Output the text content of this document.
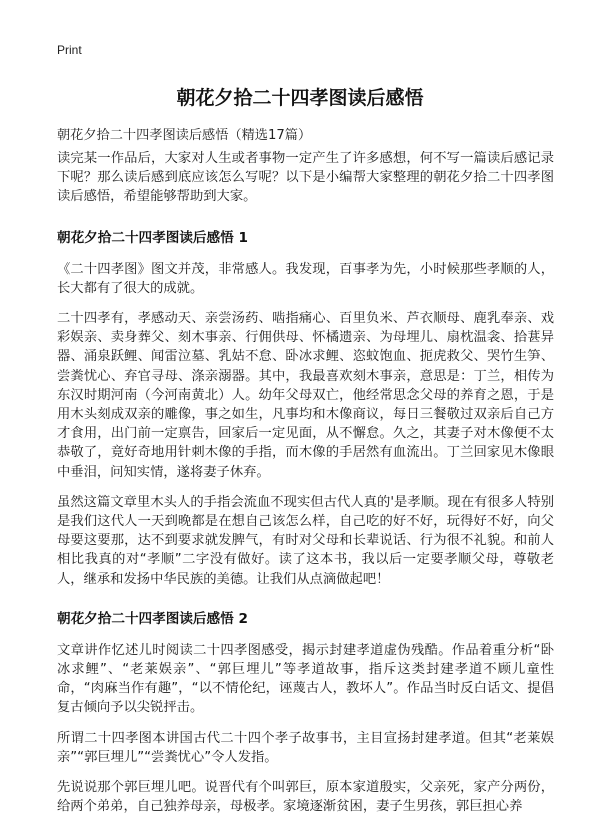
Print
朝花夕拾二十四孝图读后感悟

朝花夕拾二十四孝图读后感悟（精选17篇）

读完某一作品后，大家对人生或者事物一定产生了许多感想，何不写一篇读后感记录下呢？那么读后感到底应该怎么写呢？以下是小编帮大家整理的朝花夕拾二十四孝图读后感悟，希望能够帮助到大家。

朝花夕拾二十四孝图读后感悟 1

《二十四孝图》图文并茂，非常感人。我发现，百事孝为先，小时候那些孝顺的人，长大都有了很大的成就。

二十四孝有，孝感动天、亲尝汤药、啮指痛心、百里负米、芦衣顺母、鹿乳奉亲、戏彩娱亲、卖身葬父、刻木事亲、行佣供母、怀橘遗亲、为母埋儿、扇枕温衾、拾葚异器、涌泉跃鲤、闻雷泣墓、乳姑不怠、卧冰求鲤、恣蚊饱血、扼虎救父、哭竹生笋、尝粪忧心、弃官寻母、涤亲溺器。其中，我最喜欢刻木事亲，意思是：丁兰，相传为东汉时期河南（今河南黄北）人。幼年父母双亡，他经常思念父母的养育之恩，于是用木头刻成双亲的雕像，事之如生，凡事均和木像商议，每日三餐敬过双亲后自己方才食用，出门前一定禀告，回家后一定见面，从不懈怠。久之，其妻子对木像便不太恭敬了，竟好奇地用针刺木像的手指，而木像的手居然有血流出。丁兰回家见木像眼中垂泪，问知实情，遂将妻子休弃。

虽然这篇文章里木头人的手指会流血不现实但古代人真的'是孝顺。现在有很多人特别是我们这代人一天到晚都是在想自己该怎么样，自己吃的好不好，玩得好不好，向父母要这要那，达不到要求就发脾气，有时对父母和长辈说话、行为很不礼貌。和前人相比我真的对“孝顺”二字没有做好。读了这本书，我以后一定要孝顺父母，尊敬老人，继承和发扬中华民族的美德。让我们从点滴做起吧！

朝花夕拾二十四孝图读后感悟 2

文章讲作忆述儿时阅读二十四孝图感受，揭示封建孝道虚伪残酷。作品着重分析“卧冰求鲤”、“老莱娱亲”、“郭巨埋儿”等孝道故事，指斥这类封建孝道不顾儿童性命，“肉麻当作有趣”，“以不情伦纪，诬蔑古人，教坏人”。作品当时反白话文、提倡复古倾向予以尖锐抨击。

所谓二十四孝图本讲国古代二十四个孝子故事书，主目宣扬封建孝道。但其“老莱娱亲”“郭巨埋儿”“尝粪忧心”令人发指。

先说说那个郭巨埋儿吧。说晋代有个叫郭巨，原本家道殷实，父亲死，家产分两份，给两个弟弟，自己独养母亲，母极孝。家境逐渐贫困，妻子生男孩，郭巨担心养
